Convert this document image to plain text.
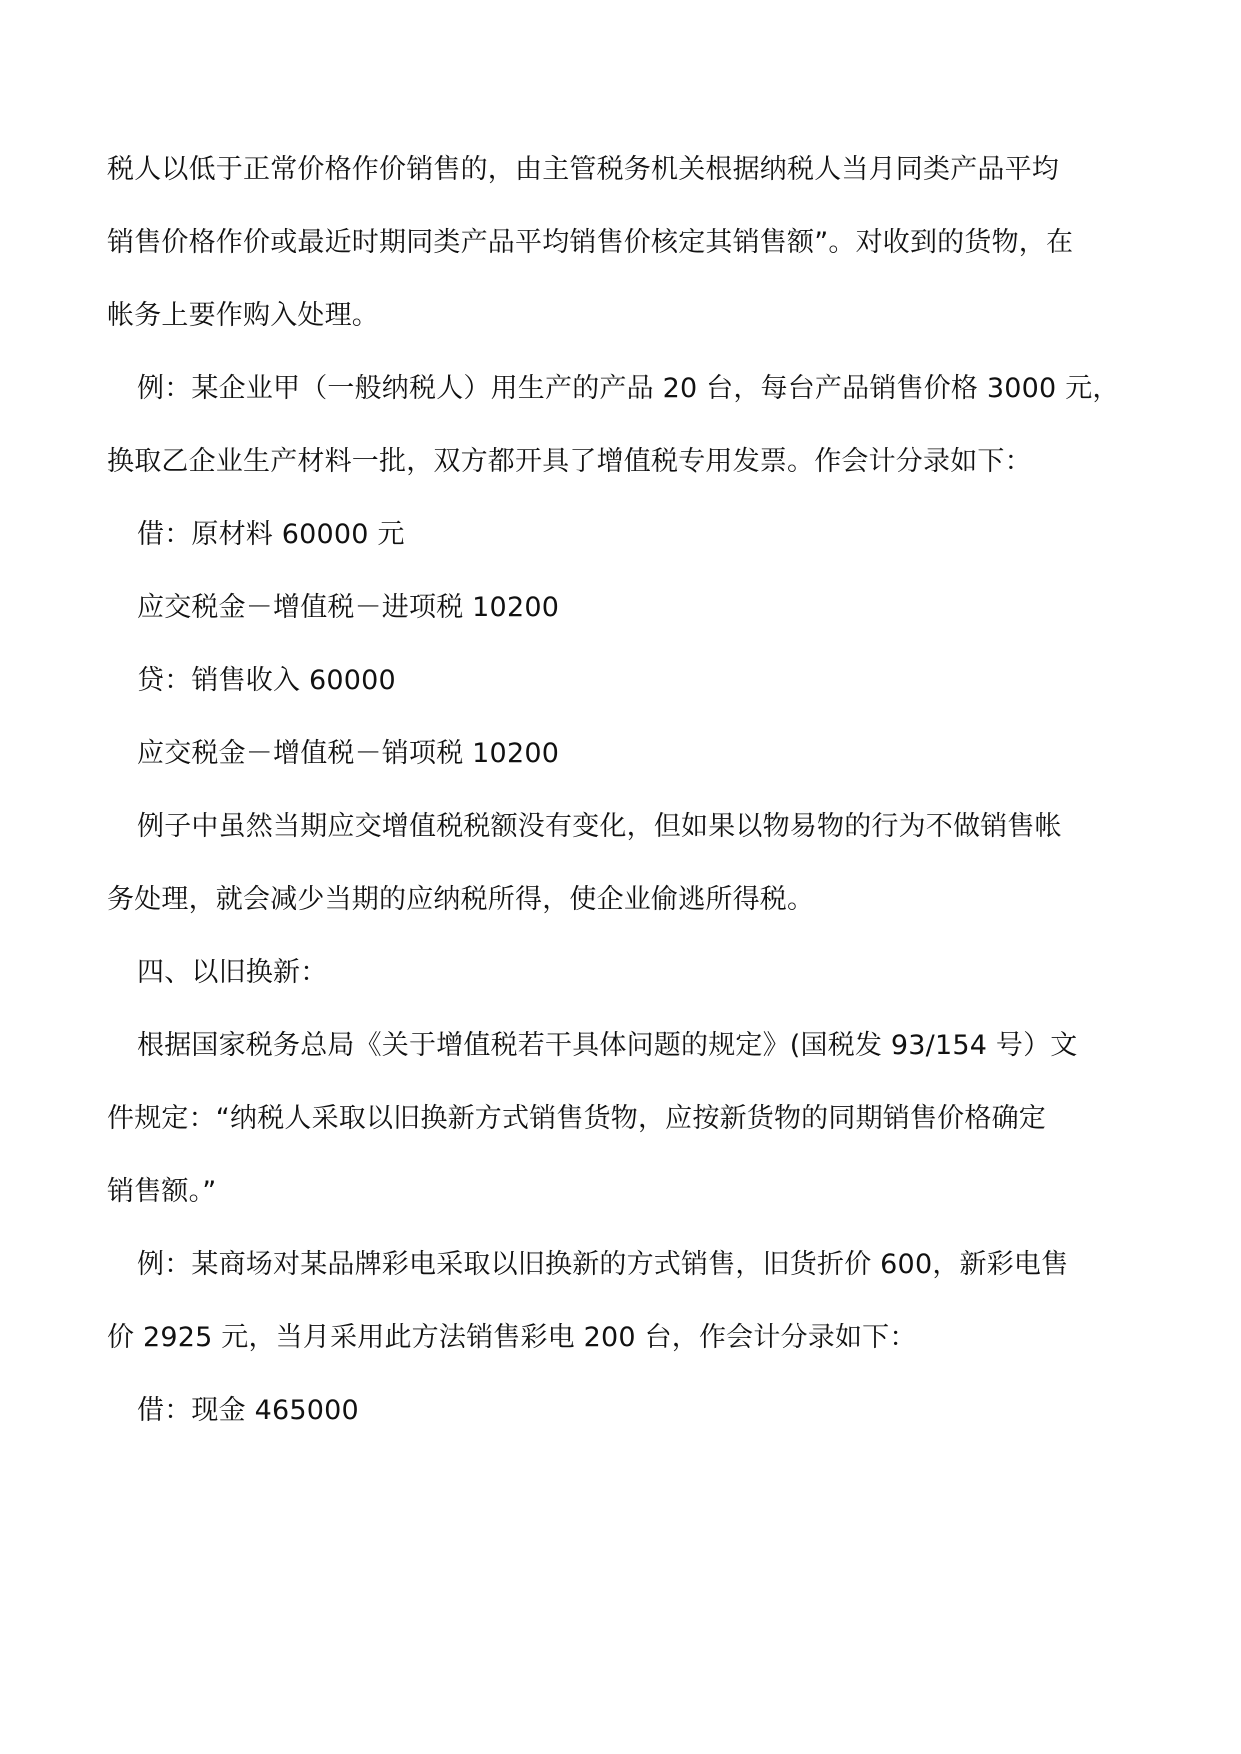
税人以低于正常价格作价销售的，由主管税务机关根据纳税人当月同类产品平均
销售价格作价或最近时期同类产品平均销售价核定其销售额”。对收到的货物，在
帐务上要作购入处理。
例：某企业甲（一般纳税人）用生产的产品 20 台，每台产品销售价格 3000 元，
换取乙企业生产材料一批，双方都开具了增值税专用发票。作会计分录如下：
借：原材料 60000 元
应交税金－增值税－进项税 10200
贷：销售收入 60000
应交税金－增值税－销项税 10200
例子中虽然当期应交增值税税额没有变化，但如果以物易物的行为不做销售帐
务处理，就会减少当期的应纳税所得，使企业偷逃所得税。
四、以旧换新：
根据国家税务总局《关于增值税若干具体问题的规定》(国税发 93/154 号）文
件规定：“纳税人采取以旧换新方式销售货物，应按新货物的同期销售价格确定
销售额。”
例：某商场对某品牌彩电采取以旧换新的方式销售，旧货折价 600，新彩电售
价 2925 元，当月采用此方法销售彩电 200 台，作会计分录如下：
借：现金 465000
